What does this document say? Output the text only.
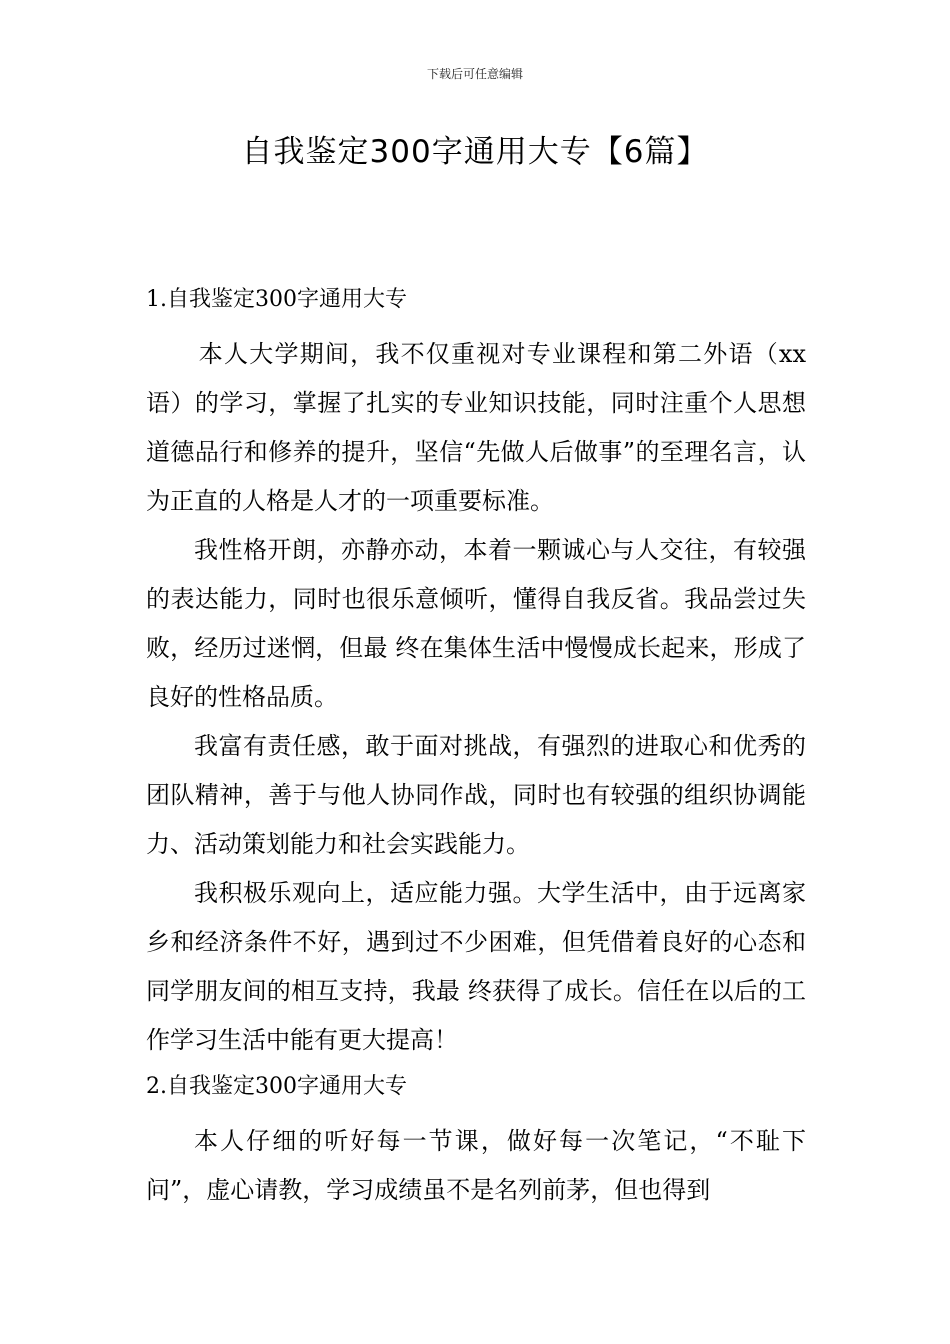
下载后可任意编辑
自我鉴定300字通用大专【6篇】
1.自我鉴定300字通用大专

本人大学期间，我不仅重视对专业课程和第二外语（xx语）的学习，掌握了扎实的专业知识技能，同时注重个人思想道德品行和修养的提升，坚信“先做人后做事”的至理名言，认为正直的人格是人才的一项重要标准。

我性格开朗，亦静亦动，本着一颗诚心与人交往，有较强的表达能力，同时也很乐意倾听，懂得自我反省。我品尝过失败，经历过迷惘，但最 终在集体生活中慢慢成长起来，形成了良好的性格品质。

我富有责任感，敢于面对挑战，有强烈的进取心和优秀的团队精神，善于与他人协同作战，同时也有较强的组织协调能力、活动策划能力和社会实践能力。

我积极乐观向上，适应能力强。大学生活中，由于远离家乡和经济条件不好，遇到过不少困难，但凭借着良好的心态和同学朋友间的相互支持，我最 终获得了成长。信任在以后的工作学习生活中能有更大提高！

2.自我鉴定300字通用大专

本人仔细的听好每一节课，做好每一次笔记，“不耻下问”，虚心请教，学习成绩虽不是名列前茅，但也得到
